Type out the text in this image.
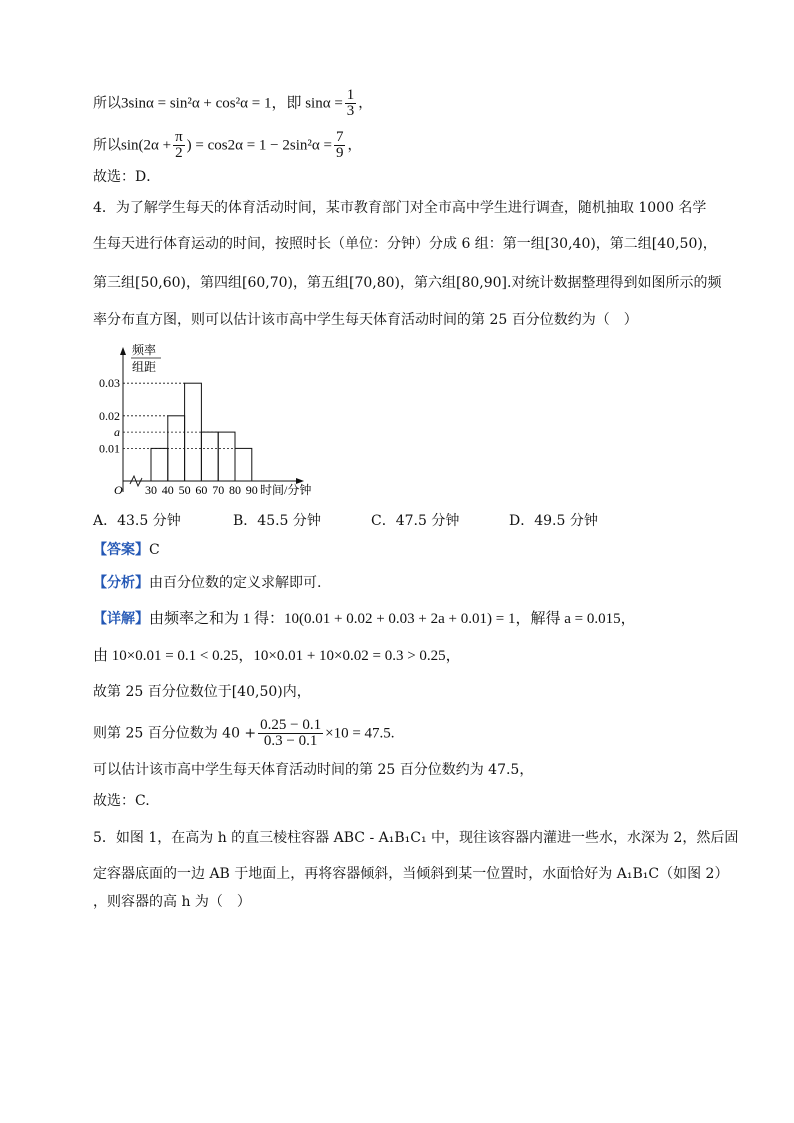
所以3sinα = sin²α + cos²α = 1，即 $\sin\alpha = \frac{1}{3}$ ，
所以$\sin(2\alpha + \frac{\pi}{2}$ ) = $\cos 2\alpha = 1 - 2\sin^2\alpha = \frac{7}{9}$ ，
故选：D．
4．为了解学生每天的体育活动时间，某市教育部门对全市高中学生进行调查，随机抽取 1000 名学
生每天进行体育运动的时间，按照时长（单位：分钟）分成 6 组：第一组[30,40)，第二组[40,50)，
第三组[50,60)，第四组[60,70)，第五组[70,80)，第六组[80,90].对统计数据整理得到如图所示的频
率分布直方图，则可以估计该市高中学生每天体育活动时间的第 25 百分位数约为（　）
频率
组距
0.01
a
0.02
0.03
30 40 50 60 70 80 90
O	时间/分钟
A．43.5 分钟	B．45.5 分钟	C．47.5 分钟	D．49.5 分钟
【答案】C
【分析】由百分位数的定义求解即可.
【详解】由频率之和为 1 得：10(0.01 + 0.02 + 0.03 + 2a + 0.01) = 1，解得 a = 0.015，
由 10×0.01 = 0.1 < 0.25，10×0.01 + 10×0.02 = 0.3 > 0.25，
故第 25 百分位数位于[40,50)内，
则第 25 百分位数为 $40 + \frac{0.25 - 0.1}{0.3 - 0.1} \times 10 = 47.5$.
可以估计该市高中学生每天体育活动时间的第 25 百分位数约为 47.5，
故选：C.
5．如图 1，在高为 h 的直三棱柱容器 ABC - A₁B₁C₁ 中，现往该容器内灌进一些水，水深为 2，然后固
定容器底面的一边 AB 于地面上，再将容器倾斜，当倾斜到某一位置时，水面恰好为 A₁B₁C（如图 2）
，则容器的高 h 为（　）
